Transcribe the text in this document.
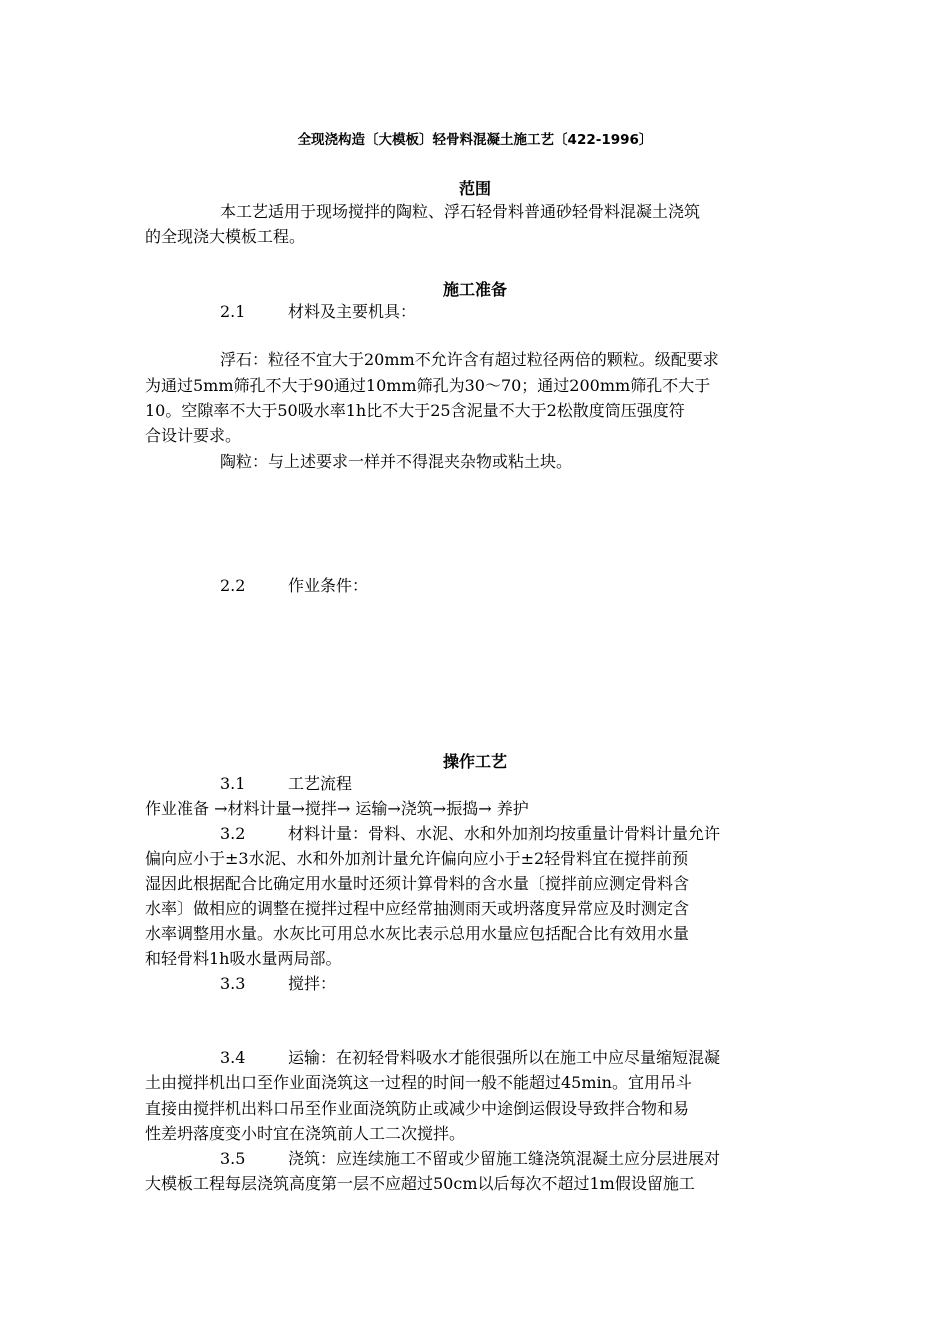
全现浇构造〔大模板〕轻骨料混凝土施工艺〔422-1996〕
范围
本工艺适用于现场搅拌的陶粒、浮石轻骨料普通砂轻骨料混凝土浇筑
的全现浇大模板工程。
施工准备
2.1	材料及主要机具：
浮石：粒径不宜大于20mm不允许含有超过粒径两倍的颗粒。级配要求
为通过5mm筛孔不大于90通过10mm筛孔为30～70；通过200mm筛孔不大于
10。空隙率不大于50吸水率1h比不大于25含泥量不大于2松散度筒压强度符
合设计要求。
陶粒：与上述要求一样并不得混夹杂物或粘土块。
2.2	作业条件：
操作工艺
3.1	工艺流程
作业准备 →材料计量→搅拌→ 运输→浇筑→振捣→ 养护
3.2	材料计量：骨料、水泥、水和外加剂均按重量计骨料计量允许
偏向应小于±3水泥、水和外加剂计量允许偏向应小于±2轻骨料宜在搅拌前预
湿因此根据配合比确定用水量时还须计算骨料的含水量〔搅拌前应测定骨料含
水率〕做相应的调整在搅拌过程中应经常抽测雨天或坍落度异常应及时测定含
水率调整用水量。水灰比可用总水灰比表示总用水量应包括配合比有效用水量
和轻骨料1h吸水量两局部。
3.3	搅拌：
3.4	运输：在初轻骨料吸水才能很强所以在施工中应尽量缩短混凝
土由搅拌机出口至作业面浇筑这一过程的时间一般不能超过45min。宜用吊斗
直接由搅拌机出料口吊至作业面浇筑防止或减少中途倒运假设导致拌合物和易
性差坍落度变小时宜在浇筑前人工二次搅拌。
3.5	浇筑：应连续施工不留或少留施工缝浇筑混凝土应分层进展对
大模板工程每层浇筑高度第一层不应超过50cm以后每次不超过1m假设留施工
